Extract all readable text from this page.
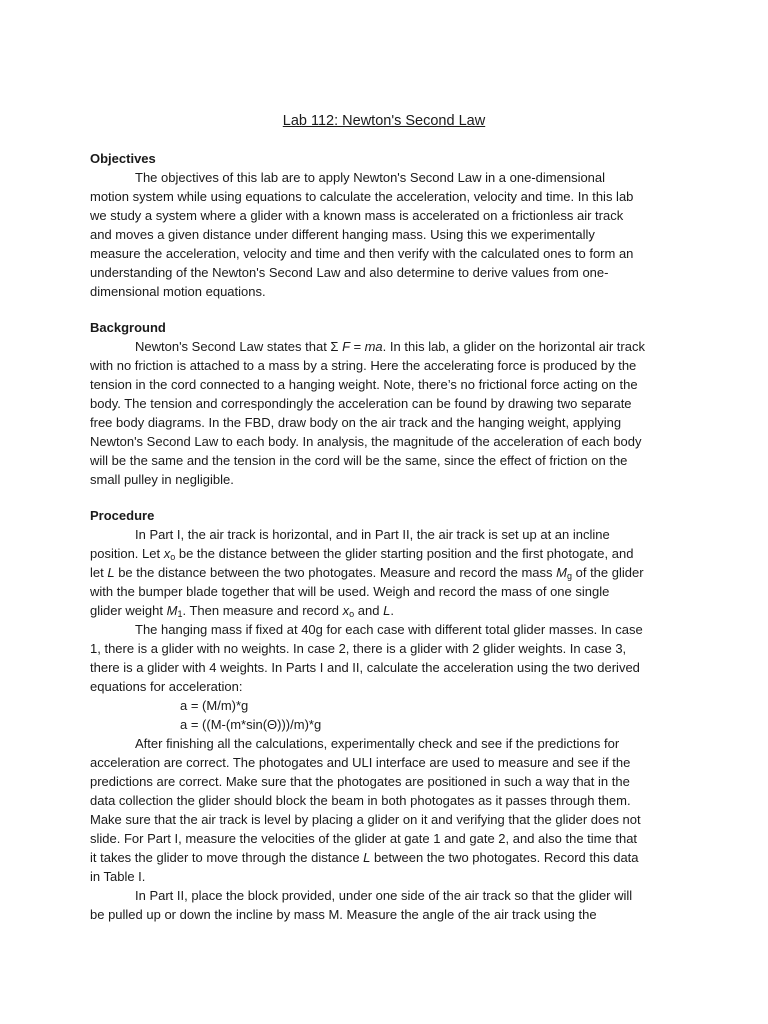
Lab 112: Newton's Second Law
Objectives
The objectives of this lab are to apply Newton's Second Law in a one-dimensional
motion system while using equations to calculate the acceleration, velocity and time. In this lab
we study a system where a glider with a known mass is accelerated on a frictionless air track
and moves a given distance under different hanging mass. Using this we experimentally
measure the acceleration, velocity and time and then verify with the calculated ones to form an
understanding of the Newton's Second Law and also determine to derive values from one-
dimensional motion equations.
Background
Newton's Second Law states that Σ F = ma. In this lab, a glider on the horizontal air track
with no friction is attached to a mass by a string. Here the accelerating force is produced by the
tension in the cord connected to a hanging weight. Note, there’s no frictional force acting on the
body. The tension and correspondingly the acceleration can be found by drawing two separate
free body diagrams. In the FBD, draw body on the air track and the hanging weight, applying
Newton's Second Law to each body. In analysis, the magnitude of the acceleration of each body
will be the same and the tension in the cord will be the same, since the effect of friction on the
small pulley in negligible.
Procedure
In Part I, the air track is horizontal, and in Part II, the air track is set up at an incline
position. Let $x_o$ be the distance between the glider starting position and the first photogate, and
let L be the distance between the two photogates. Measure and record the mass $M_g$ of the glider
with the bumper blade together that will be used. Weigh and record the mass of one single
glider weight $M_1$. Then measure and record $x_o$ and L.
The hanging mass if fixed at 40g for each case with different total glider masses. In case
1, there is a glider with no weights. In case 2, there is a glider with 2 glider weights. In case 3,
there is a glider with 4 weights. In Parts I and II, calculate the acceleration using the two derived
equations for acceleration:
a = (M/m)*g
a = ((M-(m*sin(Θ)))/m)*g
After finishing all the calculations, experimentally check and see if the predictions for
acceleration are correct. The photogates and ULI interface are used to measure and see if the
predictions are correct. Make sure that the photogates are positioned in such a way that in the
data collection the glider should block the beam in both photogates as it passes through them.
Make sure that the air track is level by placing a glider on it and verifying that the glider does not
slide. For Part I, measure the velocities of the glider at gate 1 and gate 2, and also the time that
it takes the glider to move through the distance L between the two photogates. Record this data
in Table I.
In Part II, place the block provided, under one side of the air track so that the glider will
be pulled up or down the incline by mass M. Measure the angle of the air track using the
